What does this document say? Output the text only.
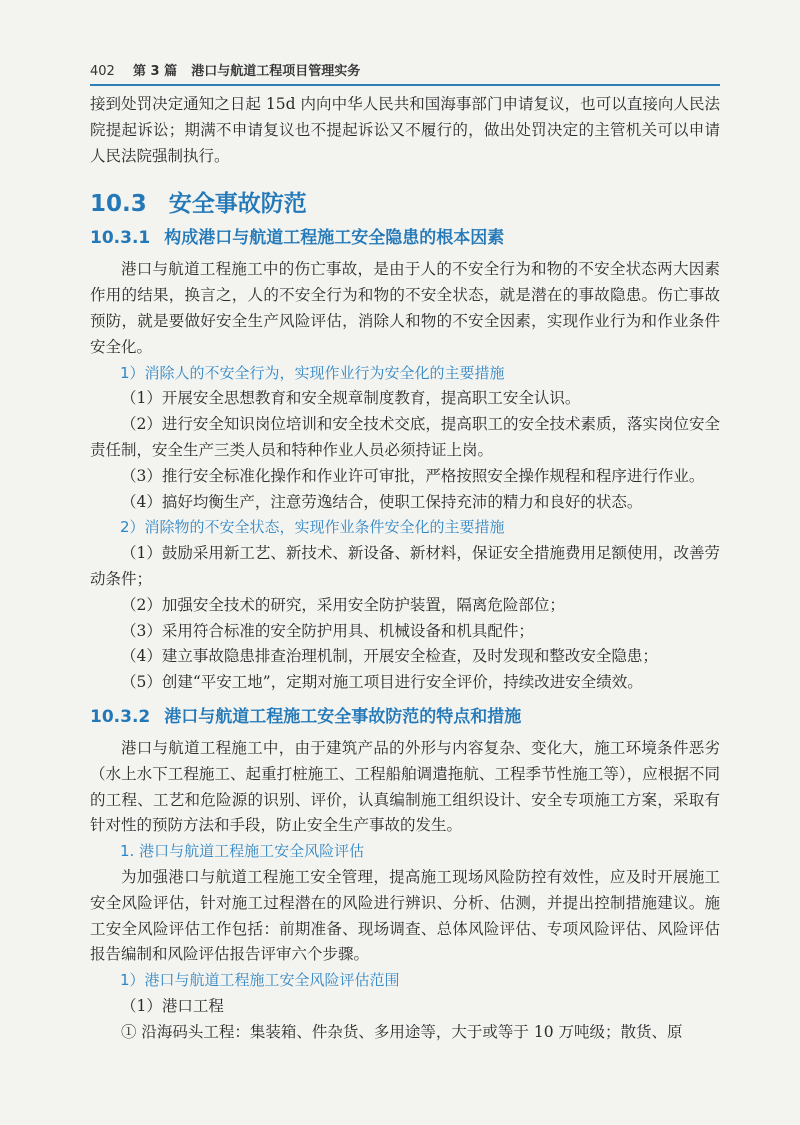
402 第 3 篇 港口与航道工程项目管理实务

接到处罚决定通知之日起 15d 内向中华人民共和国海事部门申请复议，也可以直接向人民法院提起诉讼；期满不申请复议也不提起诉讼又不履行的，做出处罚决定的主管机关可以申请人民法院强制执行。

10.3 安全事故防范
10.3.1 构成港口与航道工程施工安全隐患的根本因素

港口与航道工程施工中的伤亡事故，是由于人的不安全行为和物的不安全状态两大因素作用的结果，换言之，人的不安全行为和物的不安全状态，就是潜在的事故隐患。伤亡事故预防，就是要做好安全生产风险评估，消除人和物的不安全因素，实现作业行为和作业条件安全化。

1）消除人的不安全行为，实现作业行为安全化的主要措施

（1）开展安全思想教育和安全规章制度教育，提高职工安全认识。

（2）进行安全知识岗位培训和安全技术交底，提高职工的安全技术素质，落实岗位安全责任制，安全生产三类人员和特种作业人员必须持证上岗。

（3）推行安全标准化操作和作业许可审批，严格按照安全操作规程和程序进行作业。

（4）搞好均衡生产，注意劳逸结合，使职工保持充沛的精力和良好的状态。

2）消除物的不安全状态，实现作业条件安全化的主要措施

（1）鼓励采用新工艺、新技术、新设备、新材料，保证安全措施费用足额使用，改善劳动条件；

（2）加强安全技术的研究，采用安全防护装置，隔离危险部位；

（3）采用符合标准的安全防护用具、机械设备和机具配件；

（4）建立事故隐患排查治理机制，开展安全检查，及时发现和整改安全隐患；

（5）创建“平安工地”，定期对施工项目进行安全评价，持续改进安全绩效。

10.3.2 港口与航道工程施工安全事故防范的特点和措施

港口与航道工程施工中，由于建筑产品的外形与内容复杂、变化大，施工环境条件恶劣（水上水下工程施工、起重打桩施工、工程船舶调遣拖航、工程季节性施工等），应根据不同的工程、工艺和危险源的识别、评价，认真编制施工组织设计、安全专项施工方案，采取有针对性的预防方法和手段，防止安全生产事故的发生。

1. 港口与航道工程施工安全风险评估

为加强港口与航道工程施工安全管理，提高施工现场风险防控有效性，应及时开展施工安全风险评估，针对施工过程潜在的风险进行辨识、分析、估测，并提出控制措施建议。施工安全风险评估工作包括：前期准备、现场调查、总体风险评估、专项风险评估、风险评估报告编制和风险评估报告评审六个步骤。

1）港口与航道工程施工安全风险评估范围

（1）港口工程

① 沿海码头工程：集装箱、件杂货、多用途等，大于或等于 10 万吨级；散货、原
